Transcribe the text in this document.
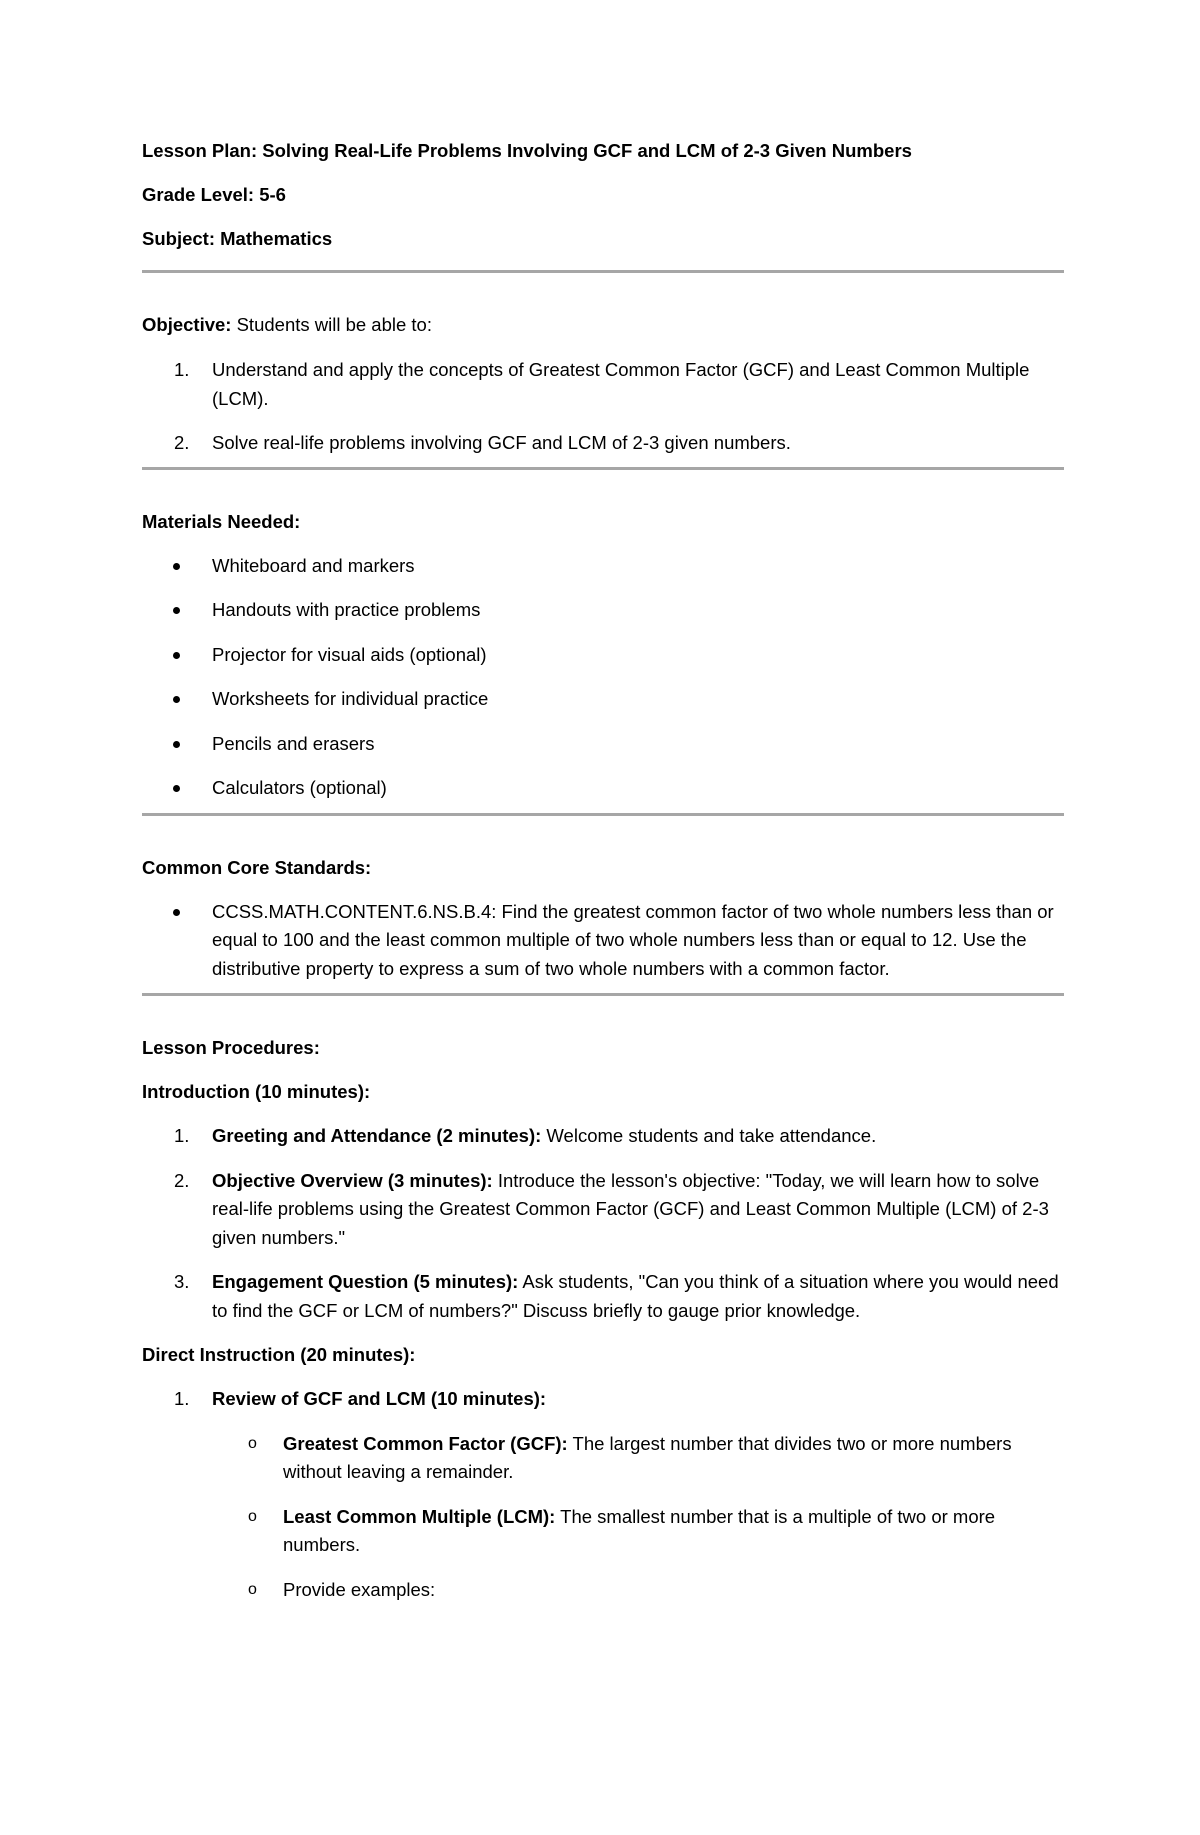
Lesson Plan: Solving Real-Life Problems Involving GCF and LCM of 2-3 Given Numbers
Grade Level: 5-6
Subject: Mathematics
Objective: Students will be able to:
1.	Understand and apply the concepts of Greatest Common Factor (GCF) and Least Common Multiple (LCM).
2.	Solve real-life problems involving GCF and LCM of 2-3 given numbers.
Materials Needed:
Whiteboard and markers
Handouts with practice problems
Projector for visual aids (optional)
Worksheets for individual practice
Pencils and erasers
Calculators (optional)
Common Core Standards:
CCSS.MATH.CONTENT.6.NS.B.4: Find the greatest common factor of two whole numbers less than or equal to 100 and the least common multiple of two whole numbers less than or equal to 12. Use the distributive property to express a sum of two whole numbers with a common factor.
Lesson Procedures:
Introduction (10 minutes):
1.	Greeting and Attendance (2 minutes): Welcome students and take attendance.
2.	Objective Overview (3 minutes): Introduce the lesson's objective: "Today, we will learn how to solve real-life problems using the Greatest Common Factor (GCF) and Least Common Multiple (LCM) of 2-3 given numbers."
3.	Engagement Question (5 minutes): Ask students, "Can you think of a situation where you would need to find the GCF or LCM of numbers?" Discuss briefly to gauge prior knowledge.
Direct Instruction (20 minutes):
1.	Review of GCF and LCM (10 minutes):
o Greatest Common Factor (GCF): The largest number that divides two or more numbers without leaving a remainder.
o Least Common Multiple (LCM): The smallest number that is a multiple of two or more numbers.
o Provide examples:
